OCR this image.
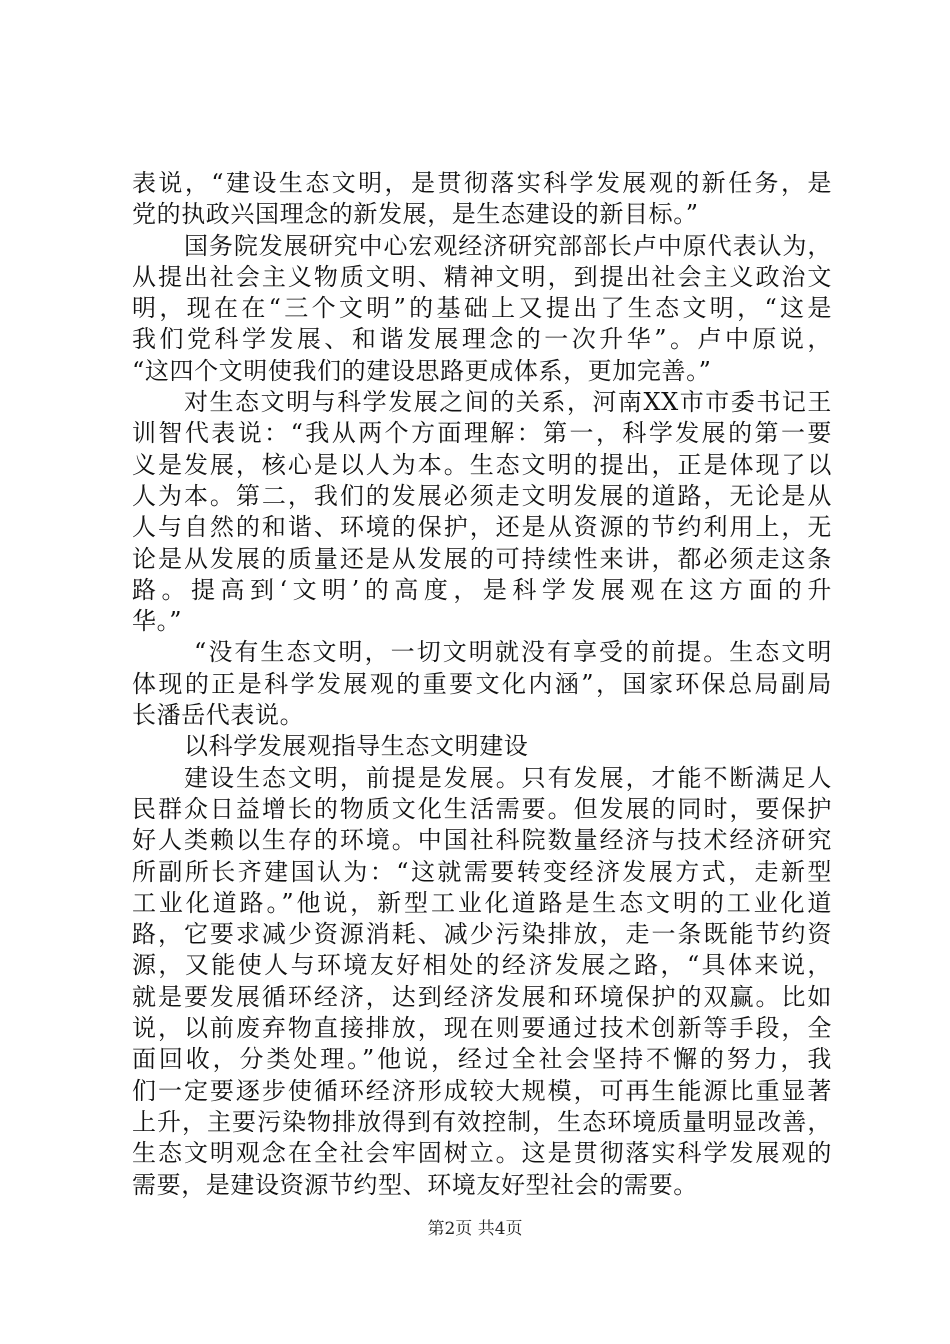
表说，“建设生态文明，是贯彻落实科学发展观的新任务，是
党的执政兴国理念的新发展，是生态建设的新目标。”
国务院发展研究中心宏观经济研究部部长卢中原代表认为，
从提出社会主义物质文明、精神文明，到提出社会主义政治文
明，现在在“三个文明”的基础上又提出了生态文明，“这是
我们党科学发展、和谐发展理念的一次升华”。卢中原说，
“这四个文明使我们的建设思路更成体系，更加完善。”
对生态文明与科学发展之间的关系，河南XX市市委书记王
训智代表说：“我从两个方面理解：第一，科学发展的第一要
义是发展，核心是以人为本。生态文明的提出，正是体现了以
人为本。第二，我们的发展必须走文明发展的道路，无论是从
人与自然的和谐、环境的保护，还是从资源的节约利用上，无
论是从发展的质量还是从发展的可持续性来讲，都必须走这条
路。提高到‘文明’的高度，是科学发展观在这方面的升
华。”
“没有生态文明，一切文明就没有享受的前提。生态文明
体现的正是科学发展观的重要文化内涵”，国家环保总局副局
长潘岳代表说。
以科学发展观指导生态文明建设
建设生态文明，前提是发展。只有发展，才能不断满足人
民群众日益增长的物质文化生活需要。但发展的同时，要保护
好人类赖以生存的环境。中国社科院数量经济与技术经济研究
所副所长齐建国认为：“这就需要转变经济发展方式，走新型
工业化道路。”他说，新型工业化道路是生态文明的工业化道
路，它要求减少资源消耗、减少污染排放，走一条既能节约资
源，又能使人与环境友好相处的经济发展之路，“具体来说，
就是要发展循环经济，达到经济发展和环境保护的双赢。比如
说，以前废弃物直接排放，现在则要通过技术创新等手段，全
面回收，分类处理。”他说，经过全社会坚持不懈的努力，我
们一定要逐步使循环经济形成较大规模，可再生能源比重显著
上升，主要污染物排放得到有效控制，生态环境质量明显改善，
生态文明观念在全社会牢固树立。这是贯彻落实科学发展观的
需要，是建设资源节约型、环境友好型社会的需要。
第2页 共4页
